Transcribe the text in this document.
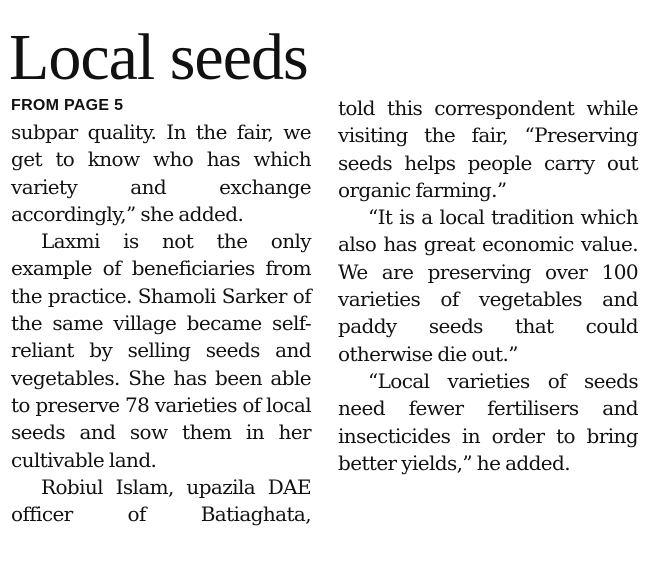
Local seeds
FROM PAGE 5

subpar quality. In the fair, we get to know who has which variety and exchange accordingly,” she added.

Laxmi is not the only example of beneficiaries from the practice. Shamoli Sarker of the same village became self-reliant by selling seeds and vegetables. She has been able to preserve 78 varieties of local seeds and sow them in her cultivable land.

Robiul Islam, upazila DAE officer of Batiaghata,

told this correspondent while visiting the fair, “Preserving seeds helps people carry out organic farming.”

“It is a local tradition which also has great economic value. We are preserving over 100 varieties of vegetables and paddy seeds that could otherwise die out.”

“Local varieties of seeds need fewer fertilisers and insecticides in order to bring better yields,” he added.
